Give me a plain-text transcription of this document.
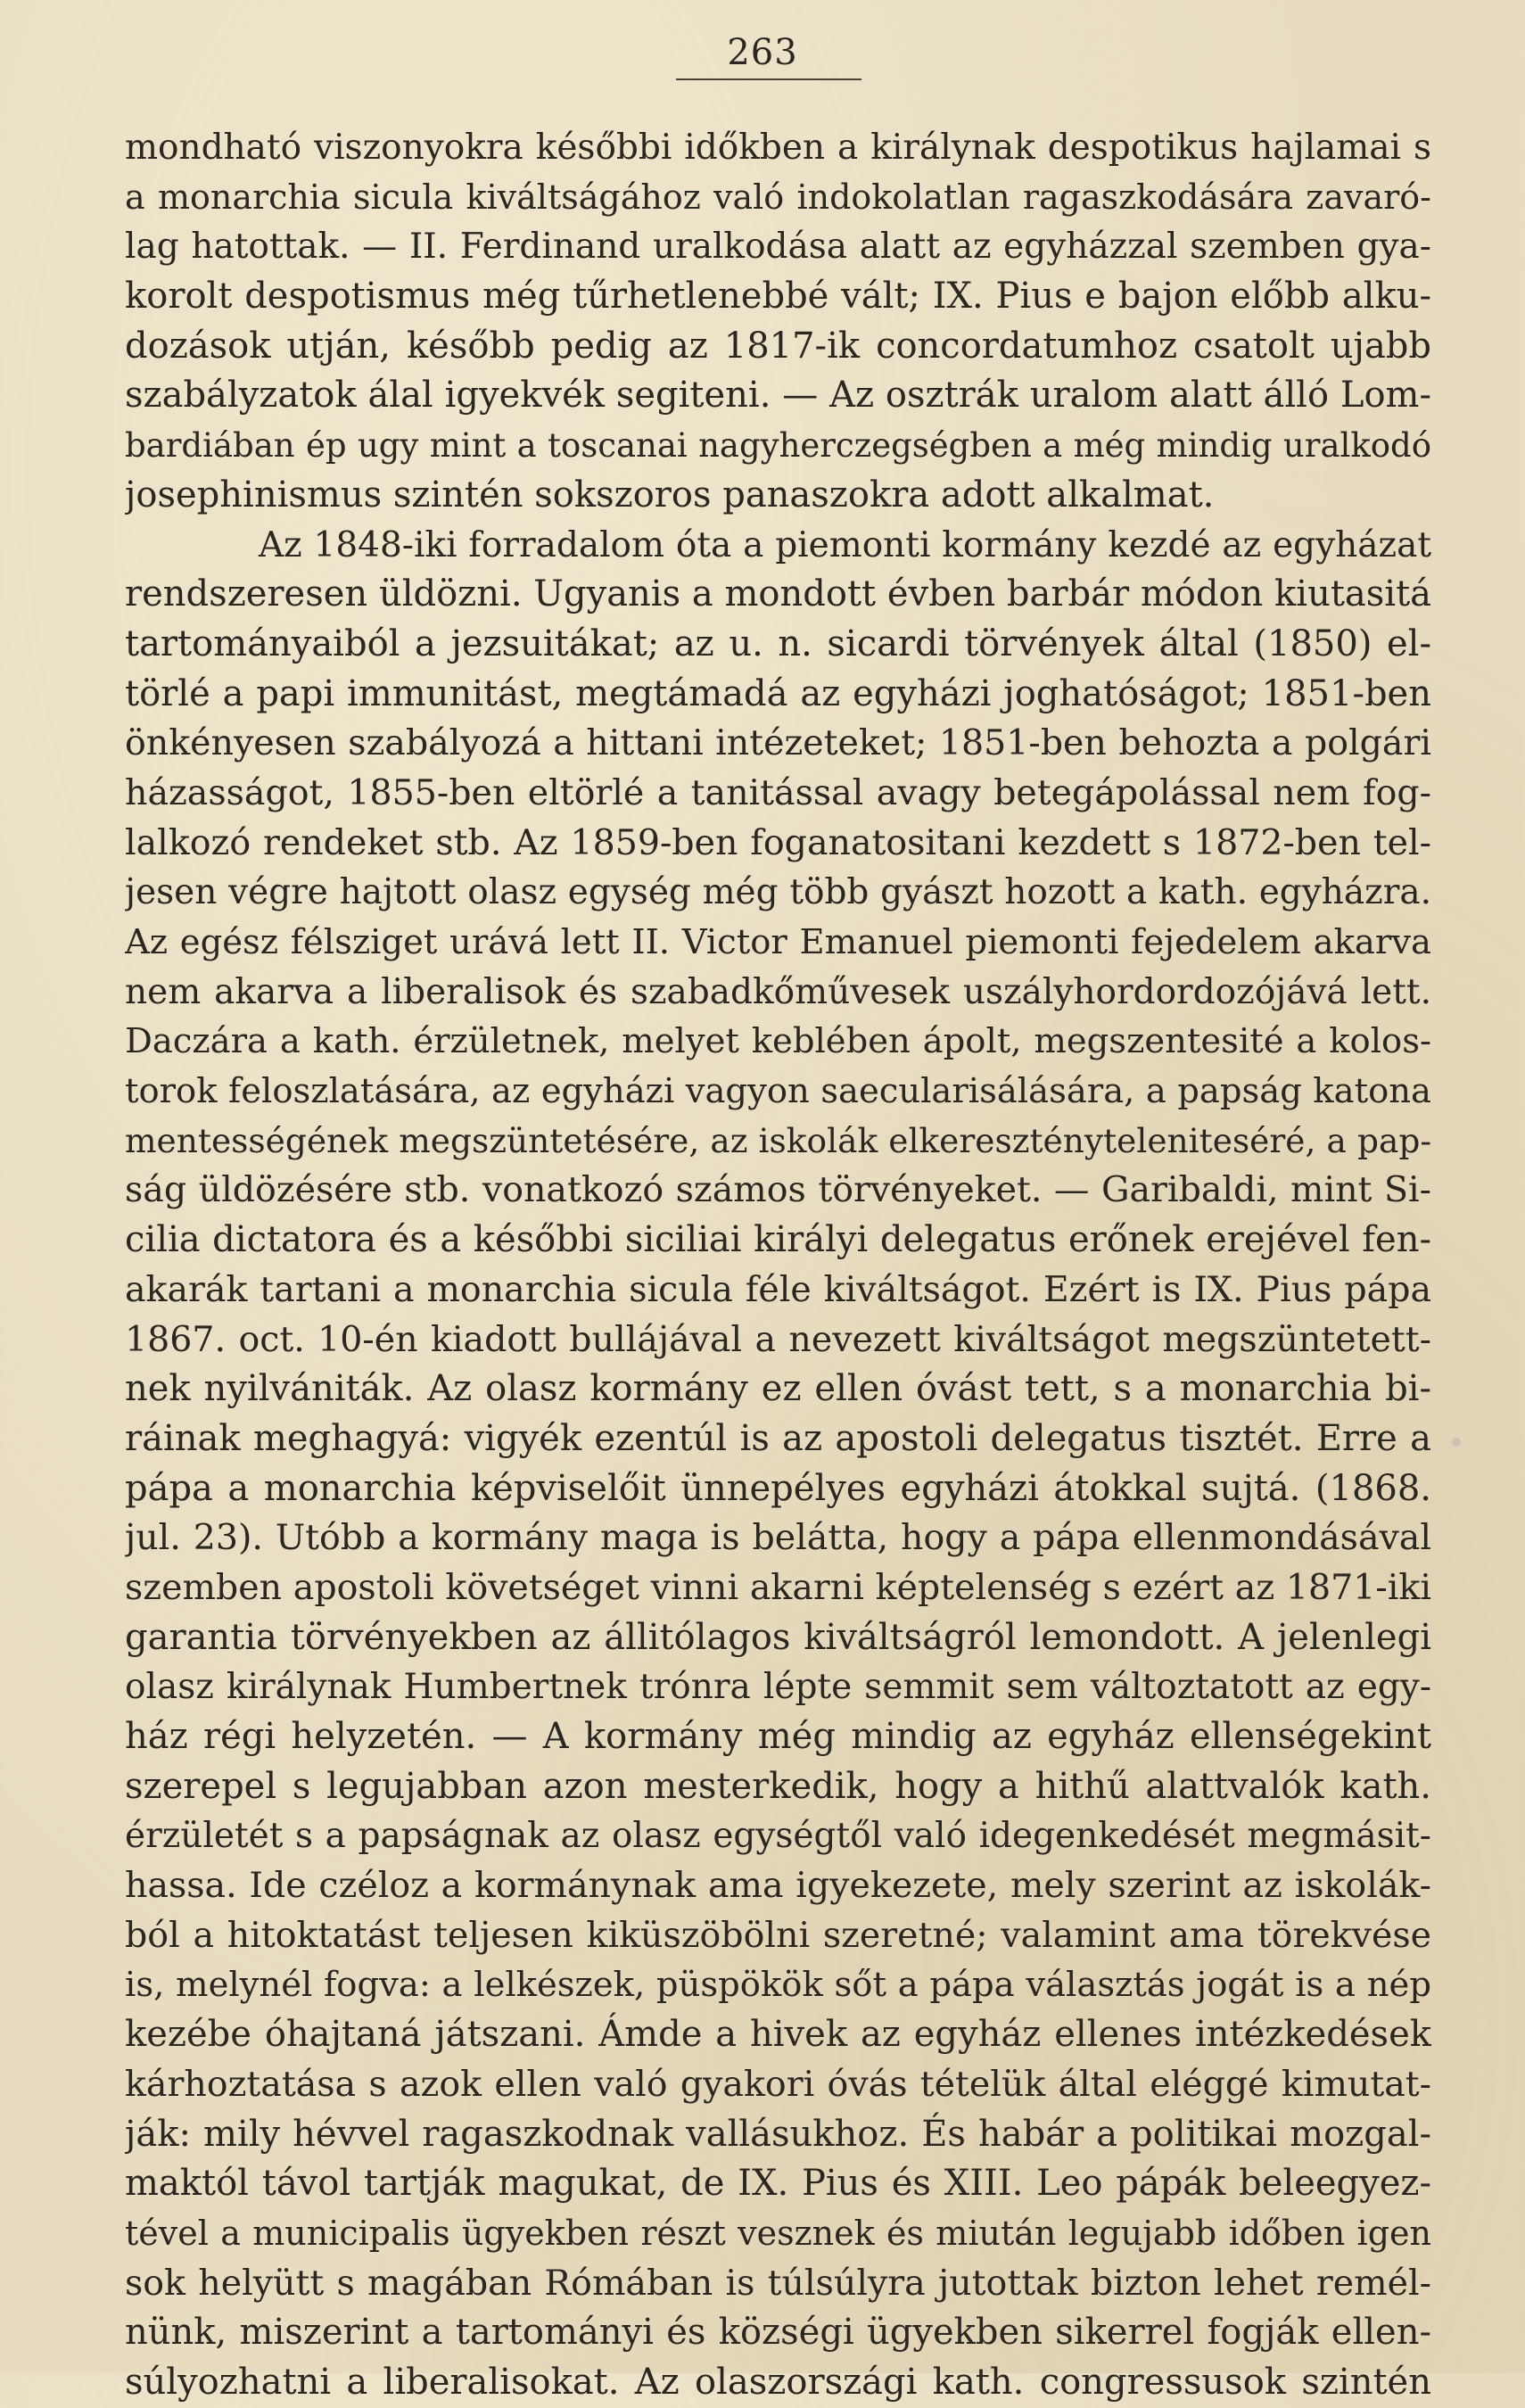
263
mondható viszonyokra későbbi időkben a királynak despotikus hajlamai s
a monarchia sicula kiváltságához való indokolatlan ragaszkodására zavaró-
lag hatottak. — II. Ferdinand uralkodása alatt az egyházzal szemben gya-
korolt despotismus még tűrhetlenebbé vált; IX. Pius e bajon előbb alku-
dozások utján, később pedig az 1817-ik concordatumhoz csatolt ujabb
szabályzatok álal igyekvék segiteni. — Az osztrák uralom alatt álló Lom-
bardiában ép ugy mint a toscanai nagyherczegségben a még mindig uralkodó
josephinismus szintén sokszoros panaszokra adott alkalmat.
Az 1848-iki forradalom óta a piemonti kormány kezdé az egyházat
rendszeresen üldözni. Ugyanis a mondott évben barbár módon kiutasitá
tartományaiból a jezsuitákat; az u. n. sicardi törvények által (1850) el-
törlé a papi immunitást, megtámadá az egyházi joghatóságot; 1851-ben
önkényesen szabályozá a hittani intézeteket; 1851-ben behozta a polgári
házasságot, 1855-ben eltörlé a tanitással avagy betegápolással nem fog-
lalkozó rendeket stb. Az 1859-ben foganatositani kezdett s 1872-ben tel-
jesen végre hajtott olasz egység még több gyászt hozott a kath. egyházra.
Az egész félsziget urává lett II. Victor Emanuel piemonti fejedelem akarva
nem akarva a liberalisok és szabadkőművesek uszályhordordozójává lett.
Daczára a kath. érzületnek, melyet keblében ápolt, megszentesité a kolos-
torok feloszlatására, az egyházi vagyon saecularisálására, a papság katona
mentességének megszüntetésére, az iskolák elkeresztényteleniteséré, a pap-
ság üldözésére stb. vonatkozó számos törvényeket. — Garibaldi, mint Si-
cilia dictatora és a későbbi siciliai királyi delegatus erőnek erejével fen-
akarák tartani a monarchia sicula féle kiváltságot. Ezért is IX. Pius pápa
1867. oct. 10-én kiadott bullájával a nevezett kiváltságot megszüntetett-
nek nyilvániták. Az olasz kormány ez ellen óvást tett, s a monarchia bi-
ráinak meghagyá: vigyék ezentúl is az apostoli delegatus tisztét. Erre a
pápa a monarchia képviselőit ünnepélyes egyházi átokkal sujtá. (1868.
jul. 23). Utóbb a kormány maga is belátta, hogy a pápa ellenmondásával
szemben apostoli követséget vinni akarni képtelenség s ezért az 1871-iki
garantia törvényekben az állitólagos kiváltságról lemondott. A jelenlegi
olasz királynak Humbertnek trónra lépte semmit sem változtatott az egy-
ház régi helyzetén. — A kormány még mindig az egyház ellenségekint
szerepel s legujabban azon mesterkedik, hogy a hithű alattvalók kath.
érzületét s a papságnak az olasz egységtől való idegenkedését megmásit-
hassa. Ide czéloz a kormánynak ama igyekezete, mely szerint az iskolák-
ból a hitoktatást teljesen kiküszöbölni szeretné; valamint ama törekvése
is, melynél fogva: a lelkészek, püspökök sőt a pápa választás jogát is a nép
kezébe óhajtaná játszani. Ámde a hivek az egyház ellenes intézkedések
kárhoztatása s azok ellen való gyakori óvás tételük által eléggé kimutat-
ják: mily hévvel ragaszkodnak vallásukhoz. És habár a politikai mozgal-
maktól távol tartják magukat, de IX. Pius és XIII. Leo pápák beleegyez-
tével a municipalis ügyekben részt vesznek és miután legujabb időben igen
sok helyütt s magában Rómában is túlsúlyra jutottak bizton lehet remél-
nünk, miszerint a tartományi és községi ügyekben sikerrel fogják ellen-
súlyozhatni a liberalisokat. Az olaszországi kath. congressusok szintén
